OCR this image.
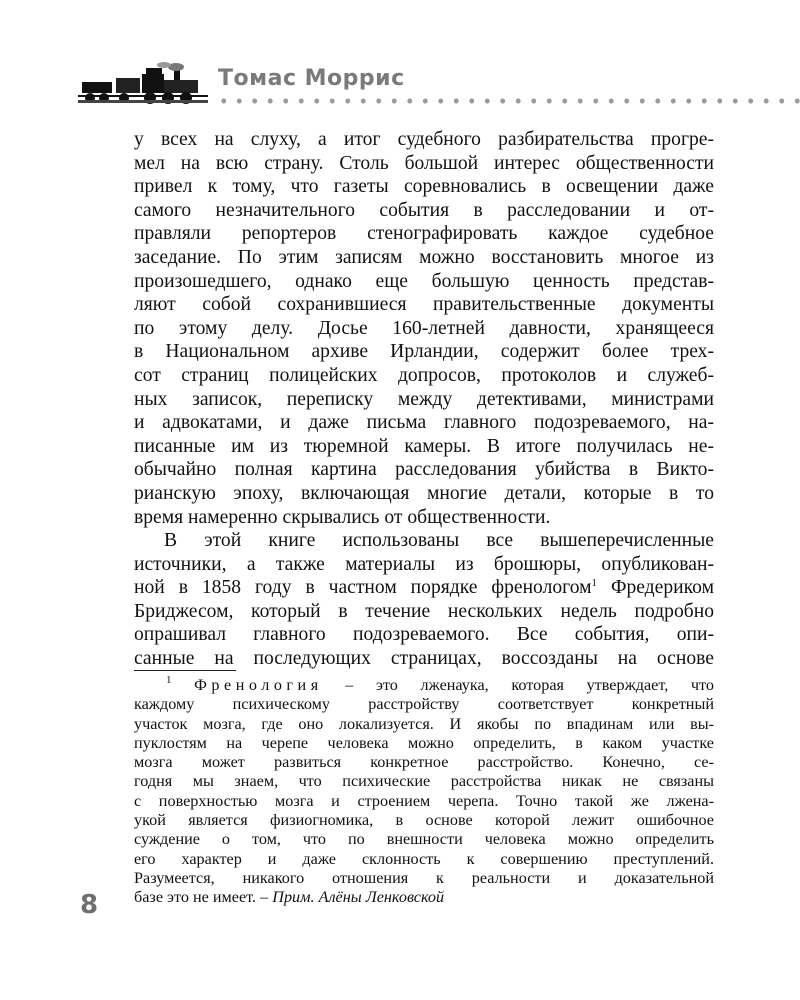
Томас Моррис

у всех на слуху, а итог судебного разбирательства прогре-
мел на всю страну. Столь большой интерес общественности
привел к тому, что газеты соревновались в освещении даже
самого незначительного события в расследовании и от-
правляли репортеров стенографировать каждое судебное
заседание. По этим записям можно восстановить многое из
произошедшего, однако еще большую ценность представ-
ляют собой сохранившиеся правительственные документы
по этому делу. Досье 160-летней давности, хранящееся
в Национальном архиве Ирландии, содержит более трех-
сот страниц полицейских допросов, протоколов и служеб-
ных записок, переписку между детективами, министрами
и адвокатами, и даже письма главного подозреваемого, на-
писанные им из тюремной камеры. В итоге получилась не-
обычайно полная картина расследования убийства в Викто-
рианскую эпоху, включающая многие детали, которые в то
время намеренно скрывались от общественности.

В этой книге использованы все вышеперечисленные
источники, а также материалы из брошюры, опубликован-
ной в 1858 году в частном порядке френологом$^1$ Фредериком
Бриджесом, который в течение нескольких недель подробно
опрашивал главного подозреваемого. Все события, опи-
санные на последующих страницах, воссозданы на основе

$^1$ Френология – это лженаука, которая утверждает, что
каждому психическому расстройству соответствует конкретный
участок мозга, где оно локализуется. И якобы по впадинам или вы-
пуклостям на черепе человека можно определить, в каком участке
мозга может развиться конкретное расстройство. Конечно, се-
годня мы знаем, что психические расстройства никак не связаны
с поверхностью мозга и строением черепа. Точно такой же лжена-
укой является физиогномика, в основе которой лежит ошибочное
суждение о том, что по внешности человека можно определить
его характер и даже склонность к совершению преступлений.
Разумеется, никакого отношения к реальности и доказательной
базе это не имеет. – Прим. Алёны Ленковской
8
